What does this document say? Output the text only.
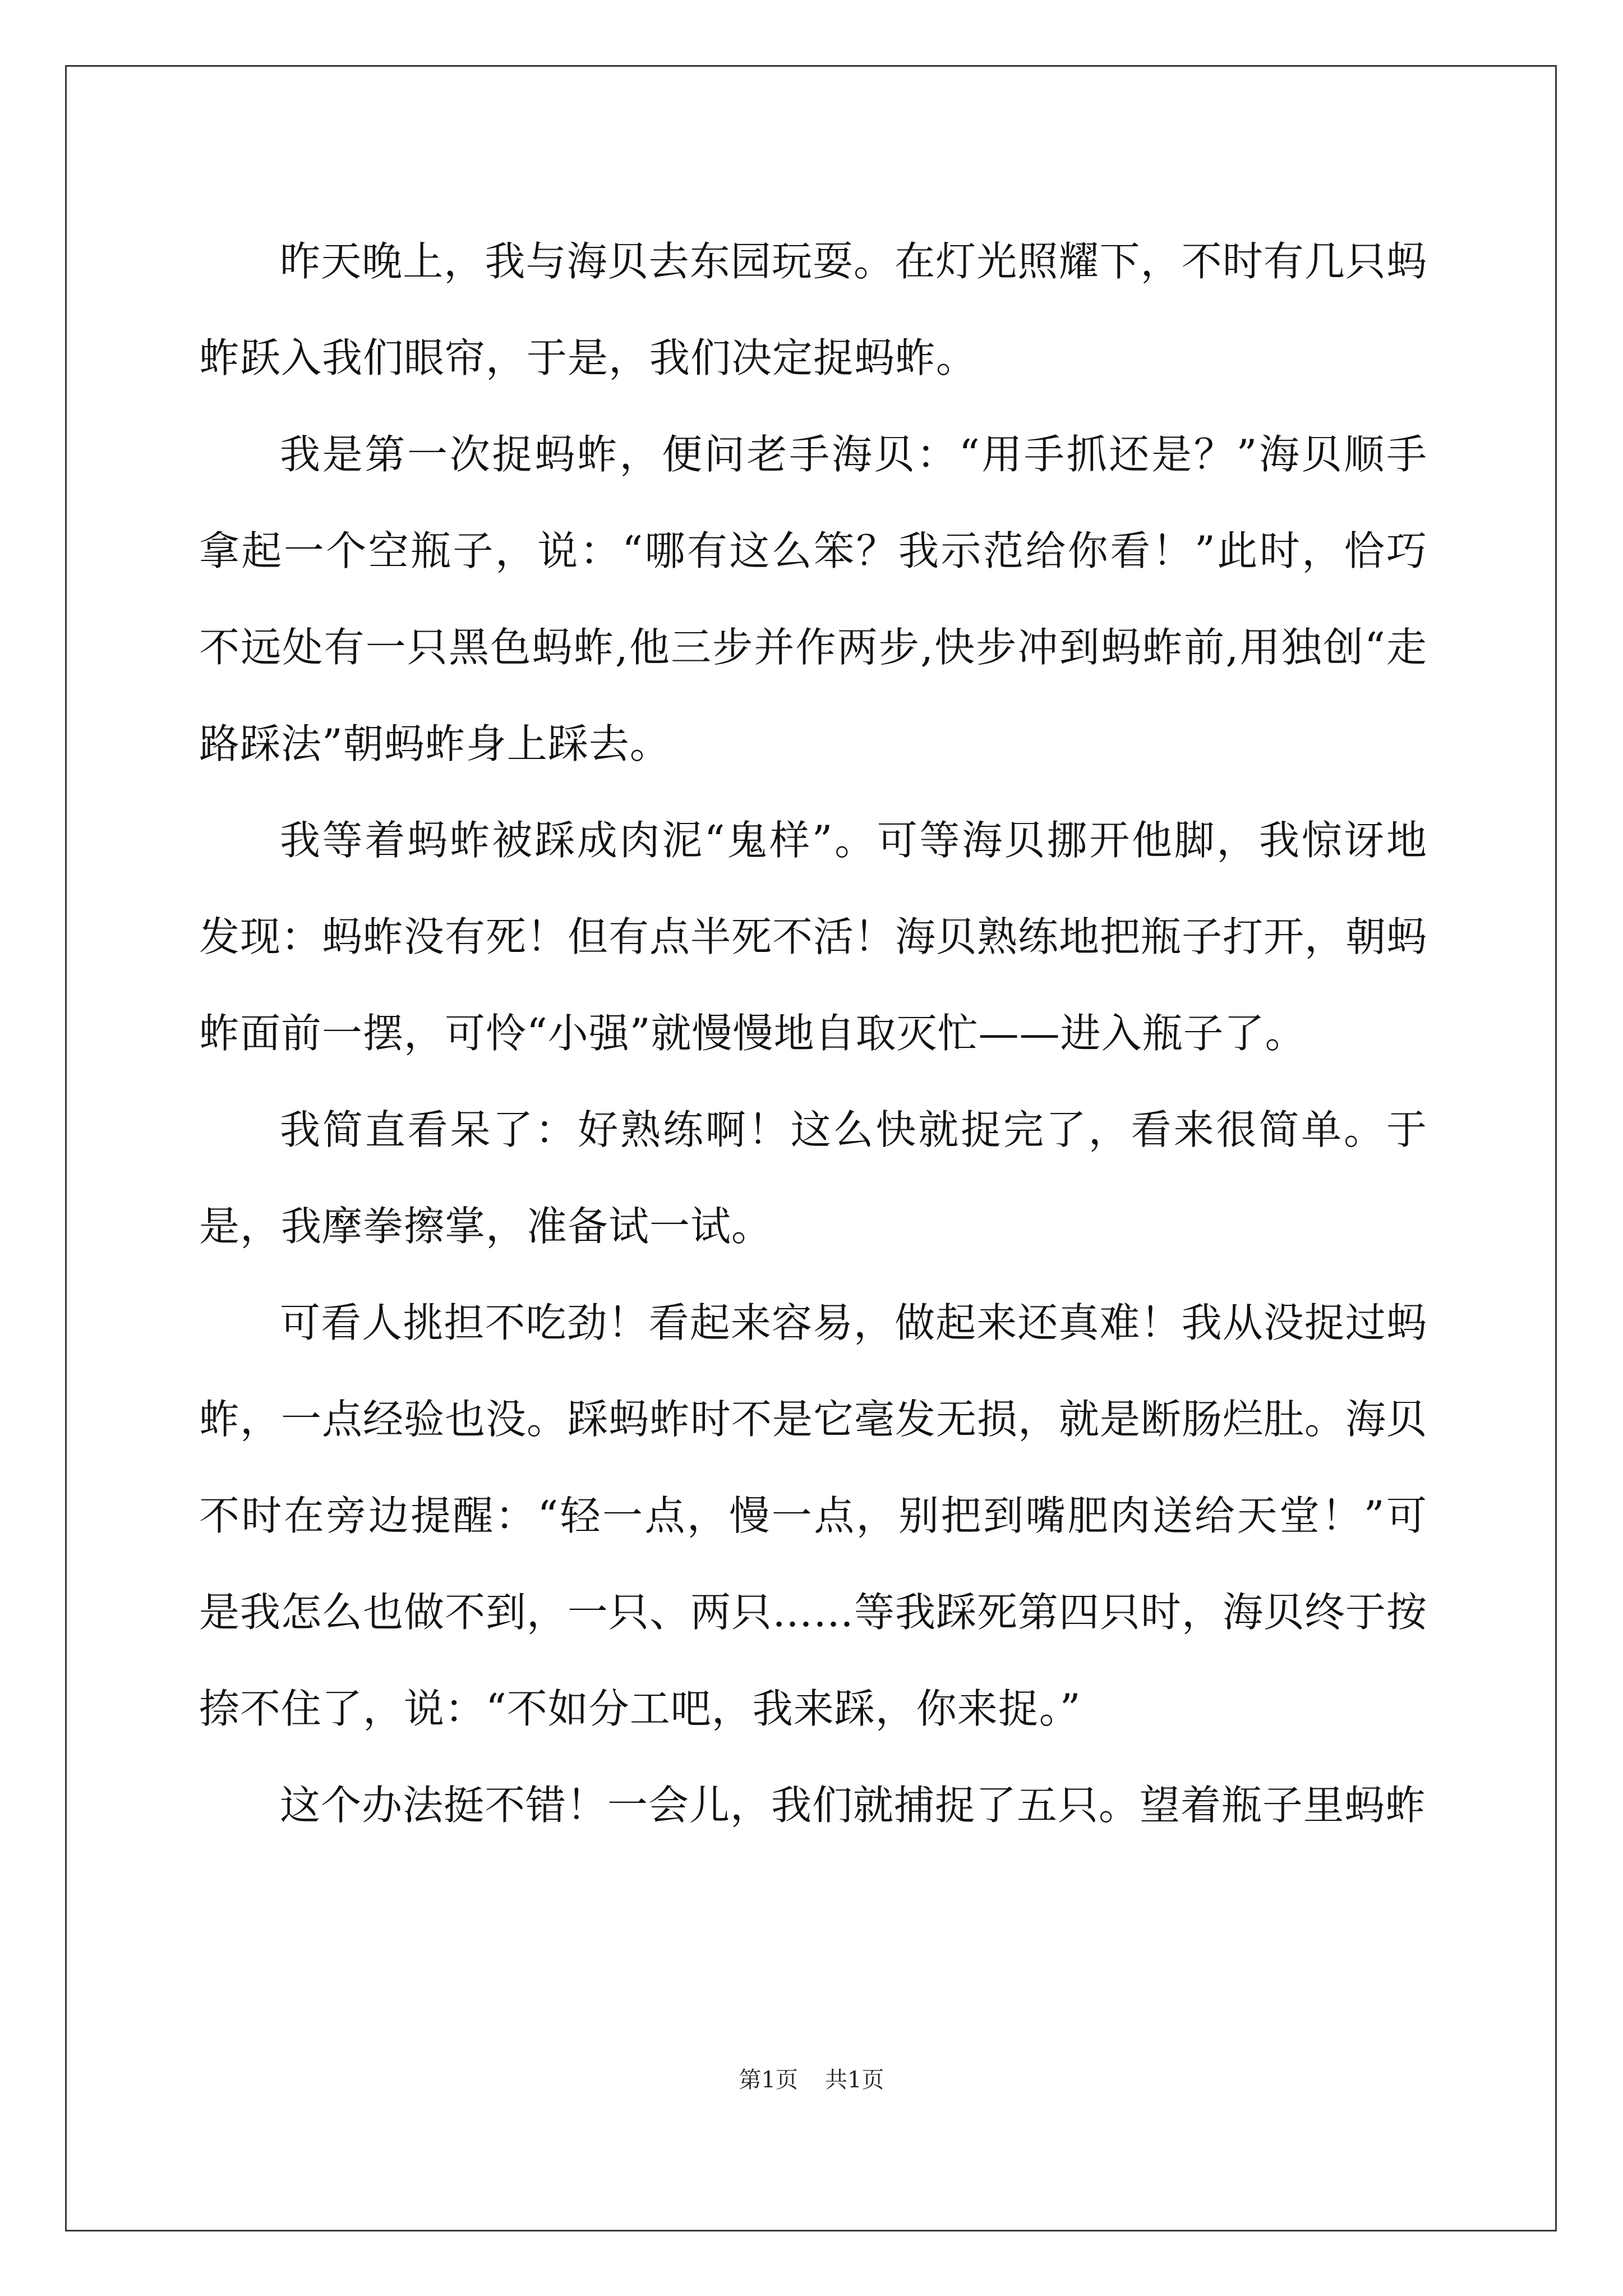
昨天晚上，我与海贝去东园玩耍。在灯光照耀下，不时有几只蚂蚱跃入我们眼帘，于是，我们决定捉蚂蚱。

我是第一次捉蚂蚱，便问老手海贝：“用手抓还是？”海贝顺手拿起一个空瓶子，说：“哪有这么笨？我示范给你看！”此时，恰巧不远处有一只黑色蚂蚱,他三步并作两步,快步冲到蚂蚱前,用独创“走路踩法”朝蚂蚱身上踩去。

我等着蚂蚱被踩成肉泥“鬼样”。可等海贝挪开他脚，我惊讶地发现：蚂蚱没有死！但有点半死不活！海贝熟练地把瓶子打开，朝蚂蚱面前一摆，可怜“小强”就慢慢地自取灭忙——进入瓶子了。

我简直看呆了：好熟练啊！这么快就捉完了，看来很简单。于是，我摩拳擦掌，准备试一试。

可看人挑担不吃劲！看起来容易，做起来还真难！我从没捉过蚂蚱，一点经验也没。踩蚂蚱时不是它毫发无损，就是断肠烂肚。海贝不时在旁边提醒：“轻一点，慢一点，别把到嘴肥肉送给天堂！”可是我怎么也做不到，一只、两只……等我踩死第四只时，海贝终于按捺不住了，说：“不如分工吧，我来踩，你来捉。”

这个办法挺不错！一会儿，我们就捕捉了五只。望着瓶子里蚂蚱

第1页 共1页
